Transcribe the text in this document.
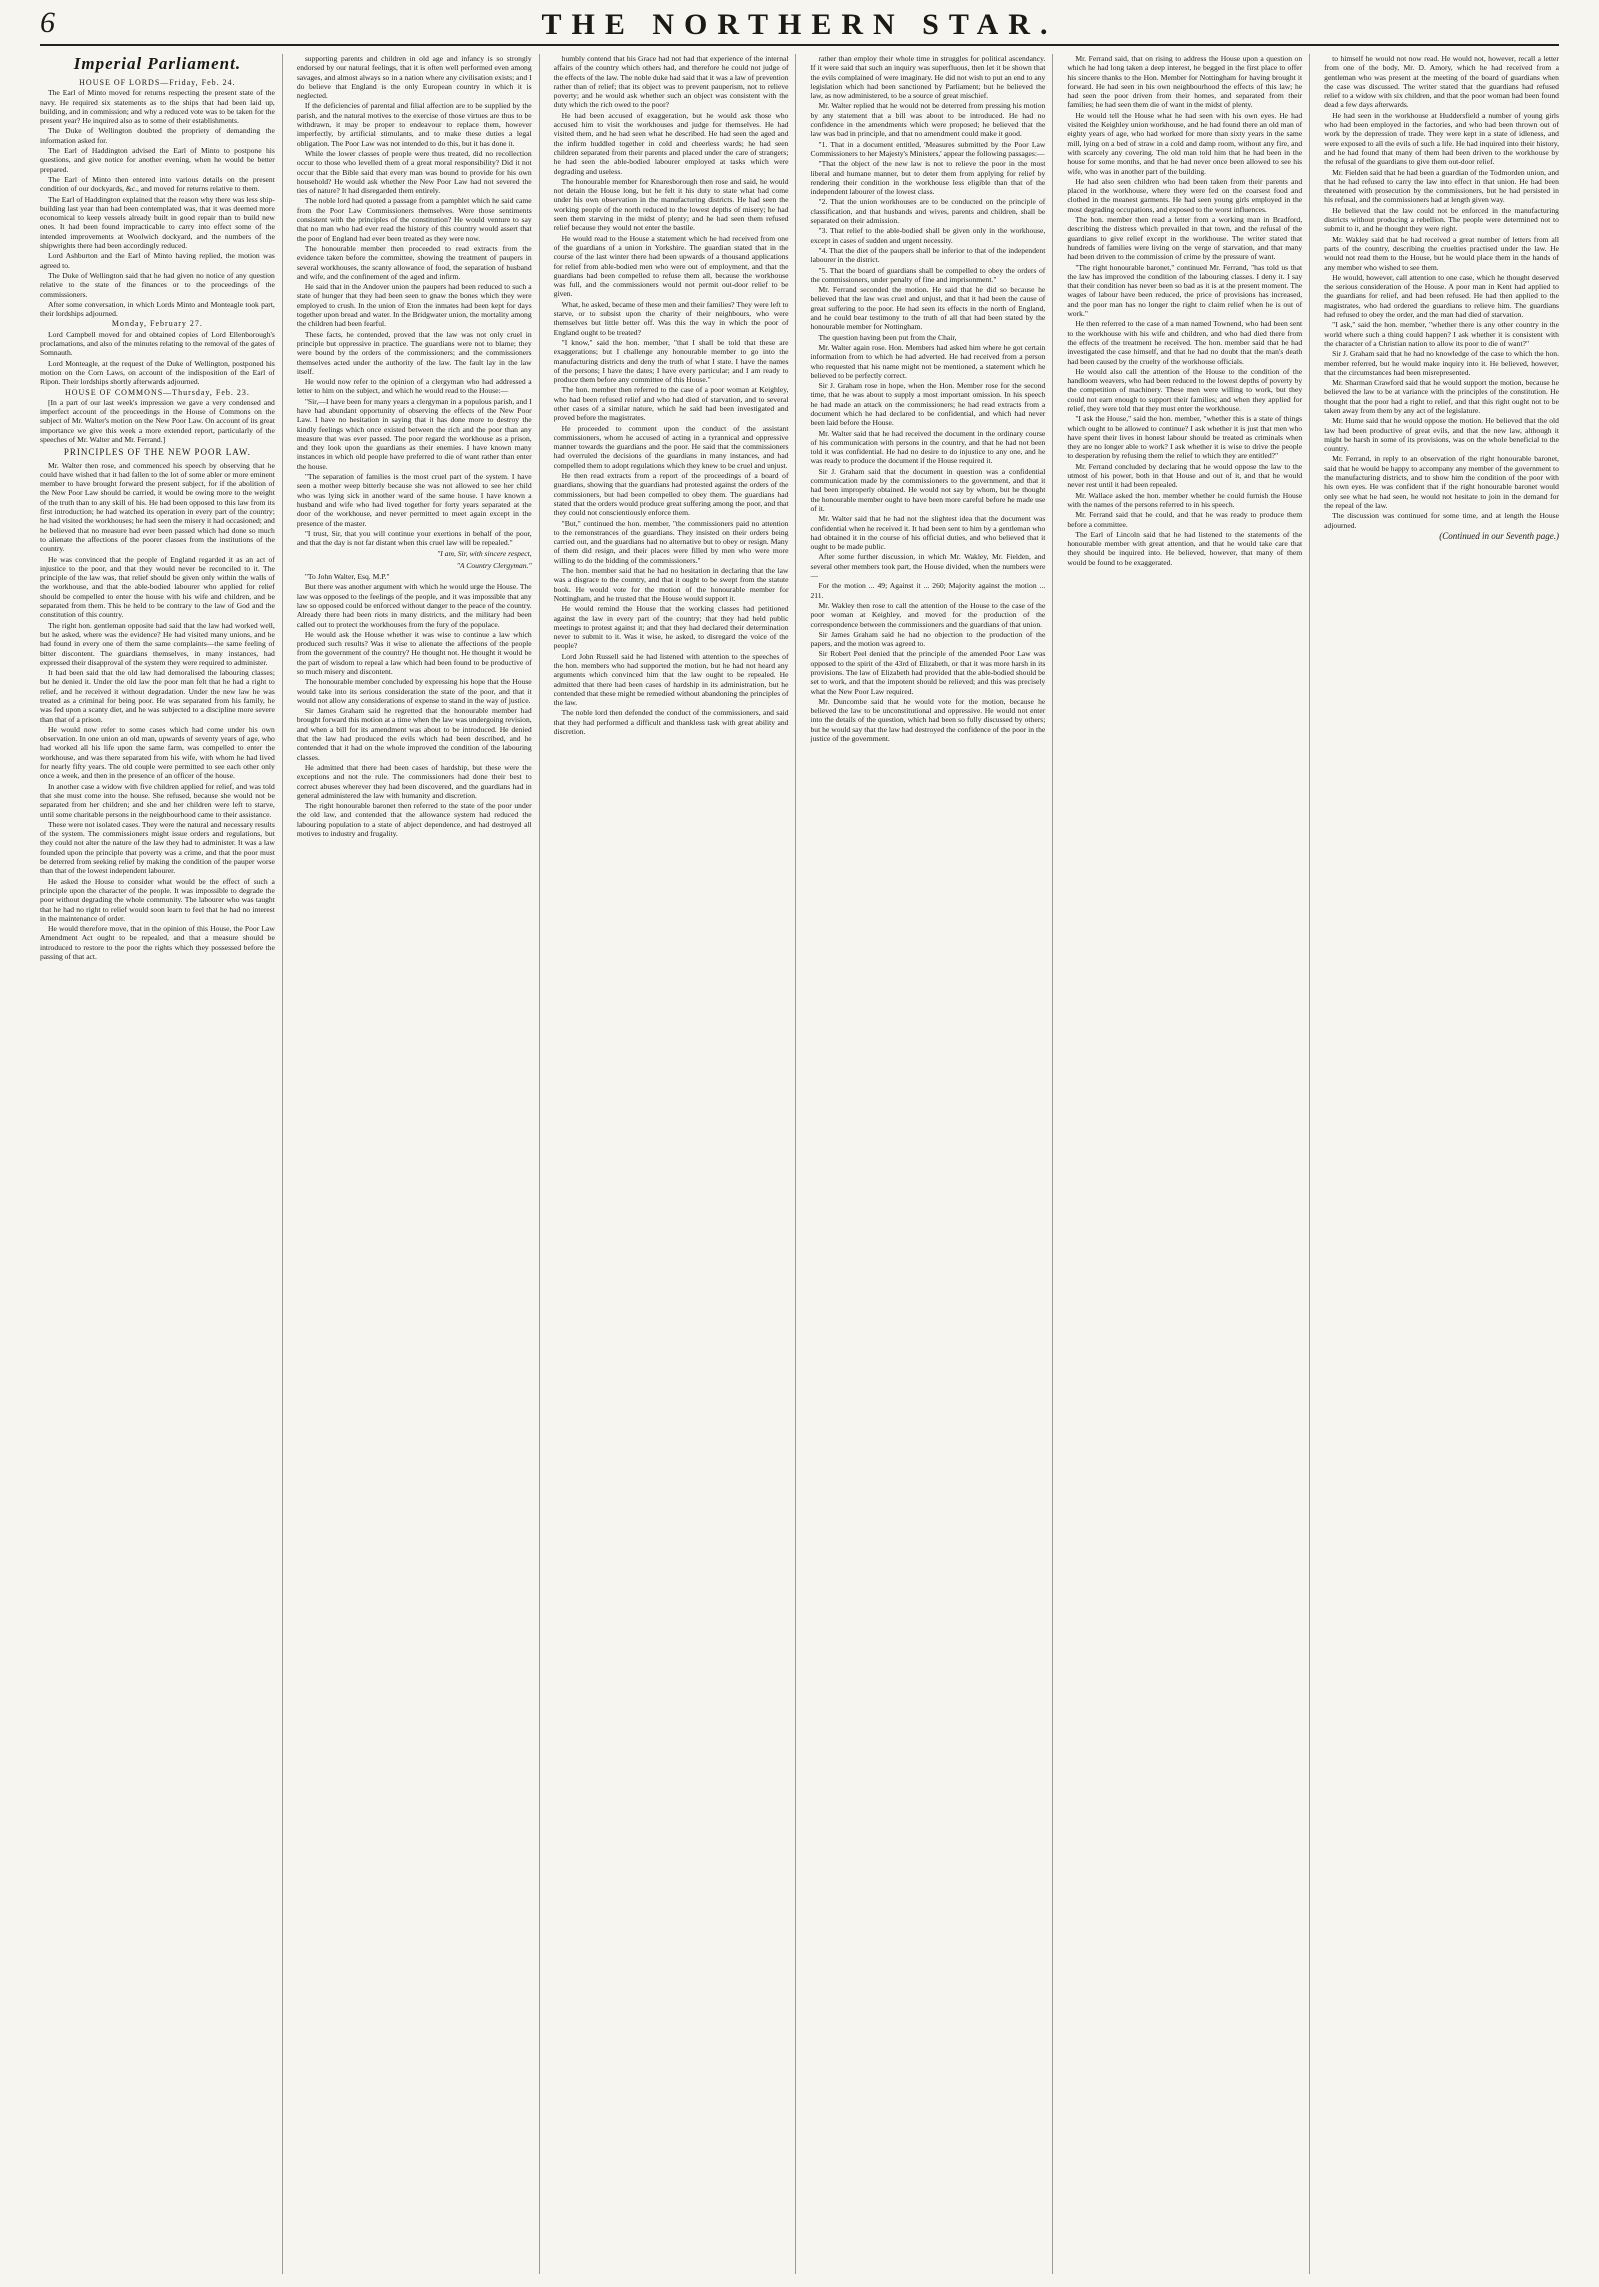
6	THE NORTHERN STAR.
Imperial Parliament.

HOUSE OF LORDS—Friday, Feb. 24.

The Earl of Minto moved for returns respecting the present state of the navy. He required six statements as to the ships that had been laid up, building, and in commission; and why a reduced vote was to be taken for the present year? He inquired also as to some of their establishments.

The Duke of Wellington doubted the propriety of demanding the information asked for.

The Earl of Haddington advised the Earl of Minto to postpone his questions, and give notice for another evening, when he would be better prepared.

The Earl of Minto then entered into various details on the present condition of our dockyards, &c., and moved for returns relative to them.

The Earl of Haddington explained that the reason why there was less ship-building last year than had been contemplated was, that it was deemed more economical to keep vessels already built in good repair than to build new ones. It had been found impracticable to carry into effect some of the intended improvements at Woolwich dockyard, and the numbers of the shipwrights there had been accordingly reduced.

Lord Ashburton and the Earl of Minto having replied, the motion was agreed to.

The Duke of Wellington said that he had given no notice of any question relative to the state of the finances or to the proceedings of the commissioners.

After some conversation, in which Lords Minto and Monteagle took part, their lordships adjourned.

Monday, February 27.

Lord Campbell moved for and obtained copies of Lord Ellenborough's proclamations, and also of the minutes relating to the removal of the gates of Somnauth.

Lord Monteagle, at the request of the Duke of Wellington, postponed his motion on the Corn Laws, on account of the indisposition of the Earl of Ripon. Their lordships shortly afterwards adjourned.

HOUSE OF COMMONS—Thursday, Feb. 23.

[In a part of our last week's impression we gave a very condensed and imperfect account of the proceedings in the House of Commons on the subject of Mr. Walter's motion on the New Poor Law. On account of its great importance we give this week a more extended report, particularly of the speeches of Mr. Walter and Mr. Ferrand.]

PRINCIPLES OF THE NEW POOR LAW.

Mr. Walter then rose, and commenced his speech by observing that he could have wished that it had fallen to the lot of some abler or more eminent member to have brought forward the present subject, for if the abolition of the New Poor Law should be carried, it would be owing more to the weight of the truth than to any skill of his. He had been opposed to this law from its first introduction; he had watched its operation in every part of the country; he had visited the workhouses; he had seen the misery it had occasioned; and he believed that no measure had ever been passed which had done so much to alienate the affections of the poorer classes from the institutions of the country.

He was convinced that the people of England regarded it as an act of injustice to the poor, and that they would never be reconciled to it. The principle of the law was, that relief should be given only within the walls of the workhouse, and that the able-bodied labourer who applied for relief should be compelled to enter the house with his wife and children, and be separated from them. This he held to be contrary to the law of God and the constitution of this country.

The right hon. gentleman opposite had said that the law had worked well, but he asked, where was the evidence? He had visited many unions, and he had found in every one of them the same complaints—the same feeling of bitter discontent. The guardians themselves, in many instances, had expressed their disapproval of the system they were required to administer.

It had been said that the old law had demoralised the labouring classes; but he denied it. Under the old law the poor man felt that he had a right to relief, and he received it without degradation. Under the new law he was treated as a criminal for being poor. He was separated from his family, he was fed upon a scanty diet, and he was subjected to a discipline more severe than that of a prison.

He would now refer to some cases which had come under his own observation. In one union an old man, upwards of seventy years of age, who had worked all his life upon the same farm, was compelled to enter the workhouse, and was there separated from his wife, with whom he had lived for nearly fifty years. The old couple were permitted to see each other only once a week, and then in the presence of an officer of the house.

In another case a widow with five children applied for relief, and was told that she must come into the house. She refused, because she would not be separated from her children; and she and her children were left to starve, until some charitable persons in the neighbourhood came to their assistance.

These were not isolated cases. They were the natural and necessary results of the system. The commissioners might issue orders and regulations, but they could not alter the nature of the law they had to administer. It was a law founded upon the principle that poverty was a crime, and that the poor must be deterred from seeking relief by making the condition of the pauper worse than that of the lowest independent labourer.

He asked the House to consider what would be the effect of such a principle upon the character of the people. It was impossible to degrade the poor without degrading the whole community. The labourer who was taught that he had no right to relief would soon learn to feel that he had no interest in the maintenance of order.

He would therefore move, that in the opinion of this House, the Poor Law Amendment Act ought to be repealed, and that a measure should be introduced to restore to the poor the rights which they possessed before the passing of that act.

supporting parents and children in old age and infancy is so strongly endorsed by our natural feelings, that it is often well performed even among savages, and almost always so in a nation where any civilisation exists; and I do believe that England is the only European country in which it is neglected.

If the deficiencies of parental and filial affection are to be supplied by the parish, and the natural motives to the exercise of those virtues are thus to be withdrawn, it may be proper to endeavour to replace them, however imperfectly, by artificial stimulants, and to make these duties a legal obligation. The Poor Law was not intended to do this, but it has done it.

While the lower classes of people were thus treated, did no recollection occur to those who levelled them of a great moral responsibility? Did it not occur that the Bible said that every man was bound to provide for his own household? He would ask whether the New Poor Law had not severed the ties of nature? It had disregarded them entirely.

The noble lord had quoted a passage from a pamphlet which he said came from the Poor Law Commissioners themselves. Were those sentiments consistent with the principles of the constitution? He would venture to say that no man who had ever read the history of this country would assert that the poor of England had ever been treated as they were now.

The honourable member then proceeded to read extracts from the evidence taken before the committee, showing the treatment of paupers in several workhouses, the scanty allowance of food, the separation of husband and wife, and the confinement of the aged and infirm.

He said that in the Andover union the paupers had been reduced to such a state of hunger that they had been seen to gnaw the bones which they were employed to crush. In the union of Eton the inmates had been kept for days together upon bread and water. In the Bridgwater union, the mortality among the children had been fearful.

These facts, he contended, proved that the law was not only cruel in principle but oppressive in practice. The guardians were not to blame; they were bound by the orders of the commissioners; and the commissioners themselves acted under the authority of the law. The fault lay in the law itself.

He would now refer to the opinion of a clergyman who had addressed a letter to him on the subject, and which he would read to the House:—

"Sir,—I have been for many years a clergyman in a populous parish, and I have had abundant opportunity of observing the effects of the New Poor Law. I have no hesitation in saying that it has done more to destroy the kindly feelings which once existed between the rich and the poor than any measure that was ever passed. The poor regard the workhouse as a prison, and they look upon the guardians as their enemies. I have known many instances in which old people have preferred to die of want rather than enter the house.

"The separation of families is the most cruel part of the system. I have seen a mother weep bitterly because she was not allowed to see her child who was lying sick in another ward of the same house. I have known a husband and wife who had lived together for forty years separated at the door of the workhouse, and never permitted to meet again except in the presence of the master.

"I trust, Sir, that you will continue your exertions in behalf of the poor, and that the day is not far distant when this cruel law will be repealed."

"I am, Sir, with sincere respect,
"A Country Clergyman."

"To John Walter, Esq. M.P."

But there was another argument with which he would urge the House. The law was opposed to the feelings of the people, and it was impossible that any law so opposed could be enforced without danger to the peace of the country. Already there had been riots in many districts, and the military had been called out to protect the workhouses from the fury of the populace.

He would ask the House whether it was wise to continue a law which produced such results? Was it wise to alienate the affections of the people from the government of the country? He thought not. He thought it would be the part of wisdom to repeal a law which had been found to be productive of so much misery and discontent.

The honourable member concluded by expressing his hope that the House would take into its serious consideration the state of the poor, and that it would not allow any considerations of expense to stand in the way of justice.

Sir James Graham said he regretted that the honourable member had brought forward this motion at a time when the law was undergoing revision, and when a bill for its amendment was about to be introduced. He denied that the law had produced the evils which had been described, and he contended that it had on the whole improved the condition of the labouring classes.

He admitted that there had been cases of hardship, but these were the exceptions and not the rule. The commissioners had done their best to correct abuses wherever they had been discovered, and the guardians had in general administered the law with humanity and discretion.

The right honourable baronet then referred to the state of the poor under the old law, and contended that the allowance system had reduced the labouring population to a state of abject dependence, and had destroyed all motives to industry and frugality.

humbly contend that his Grace had not had that experience of the internal affairs of the country which others had, and therefore he could not judge of the effects of the law. The noble duke had said that it was a law of prevention rather than of relief; that its object was to prevent pauperism, not to relieve poverty; and he would ask whether such an object was consistent with the duty which the rich owed to the poor?

He had been accused of exaggeration, but he would ask those who accused him to visit the workhouses and judge for themselves. He had visited them, and he had seen what he described. He had seen the aged and the infirm huddled together in cold and cheerless wards; he had seen children separated from their parents and placed under the care of strangers; he had seen the able-bodied labourer employed at tasks which were degrading and useless.

The honourable member for Knaresborough then rose and said, he would not detain the House long, but he felt it his duty to state what had come under his own observation in the manufacturing districts. He had seen the working people of the north reduced to the lowest depths of misery; he had seen them starving in the midst of plenty; and he had seen them refused relief because they would not enter the bastile.

He would read to the House a statement which he had received from one of the guardians of a union in Yorkshire. The guardian stated that in the course of the last winter there had been upwards of a thousand applications for relief from able-bodied men who were out of employment, and that the guardians had been compelled to refuse them all, because the workhouse was full, and the commissioners would not permit out-door relief to be given.

What, he asked, became of these men and their families? They were left to starve, or to subsist upon the charity of their neighbours, who were themselves but little better off. Was this the way in which the poor of England ought to be treated?

"I know," said the hon. member, "that I shall be told that these are exaggerations; but I challenge any honourable member to go into the manufacturing districts and deny the truth of what I state. I have the names of the persons; I have the dates; I have every particular; and I am ready to produce them before any committee of this House."

The hon. member then referred to the case of a poor woman at Keighley, who had been refused relief and who had died of starvation, and to several other cases of a similar nature, which he said had been investigated and proved before the magistrates.

He proceeded to comment upon the conduct of the assistant commissioners, whom he accused of acting in a tyrannical and oppressive manner towards the guardians and the poor. He said that the commissioners had overruled the decisions of the guardians in many instances, and had compelled them to adopt regulations which they knew to be cruel and unjust.

He then read extracts from a report of the proceedings of a board of guardians, showing that the guardians had protested against the orders of the commissioners, but had been compelled to obey them. The guardians had stated that the orders would produce great suffering among the poor, and that they could not conscientiously enforce them.

"But," continued the hon. member, "the commissioners paid no attention to the remonstrances of the guardians. They insisted on their orders being carried out, and the guardians had no alternative but to obey or resign. Many of them did resign, and their places were filled by men who were more willing to do the bidding of the commissioners."

The hon. member said that he had no hesitation in declaring that the law was a disgrace to the country, and that it ought to be swept from the statute book. He would vote for the motion of the honourable member for Nottingham, and he trusted that the House would support it.

He would remind the House that the working classes had petitioned against the law in every part of the country; that they had held public meetings to protest against it; and that they had declared their determination never to submit to it. Was it wise, he asked, to disregard the voice of the people?

Lord John Russell said he had listened with attention to the speeches of the hon. members who had supported the motion, but he had not heard any arguments which convinced him that the law ought to be repealed. He admitted that there had been cases of hardship in its administration, but he contended that these might be remedied without abandoning the principles of the law.

The noble lord then defended the conduct of the commissioners, and said that they had performed a difficult and thankless task with great ability and discretion.

rather than employ their whole time in struggles for political ascendancy. If it were said that such an inquiry was superfluous, then let it be shown that the evils complained of were imaginary. He did not wish to put an end to any legislation which had been sanctioned by Parliament; but he believed the law, as now administered, to be a source of great mischief.

Mr. Walter replied that he would not be deterred from pressing his motion by any statement that a bill was about to be introduced. He had no confidence in the amendments which were proposed; he believed that the law was bad in principle, and that no amendment could make it good.

"1. That in a document entitled, 'Measures submitted by the Poor Law Commissioners to her Majesty's Ministers,' appear the following passages:—

"That the object of the new law is not to relieve the poor in the most liberal and humane manner, but to deter them from applying for relief by rendering their condition in the workhouse less eligible than that of the independent labourer of the lowest class.

"2. That the union workhouses are to be conducted on the principle of classification, and that husbands and wives, parents and children, shall be separated on their admission.

"3. That relief to the able-bodied shall be given only in the workhouse, except in cases of sudden and urgent necessity.

"4. That the diet of the paupers shall be inferior to that of the independent labourer in the district.

"5. That the board of guardians shall be compelled to obey the orders of the commissioners, under penalty of fine and imprisonment."

Mr. Ferrand seconded the motion. He said that he did so because he believed that the law was cruel and unjust, and that it had been the cause of great suffering to the poor. He had seen its effects in the north of England, and he could bear testimony to the truth of all that had been stated by the honourable member for Nottingham.

The question having been put from the Chair,

Mr. Walter again rose. Hon. Members had asked him where he got certain information from to which he had adverted. He had received from a person who requested that his name might not be mentioned, a statement which he believed to be perfectly correct.

Sir J. Graham rose in hope, when the Hon. Member rose for the second time, that he was about to supply a most important omission. In his speech he had made an attack on the commissioners; he had read extracts from a document which he had declared to be confidential, and which had never been laid before the House.

Mr. Walter said that he had received the document in the ordinary course of his communication with persons in the country, and that he had not been told it was confidential. He had no desire to do injustice to any one, and he was ready to produce the document if the House required it.

Sir J. Graham said that the document in question was a confidential communication made by the commissioners to the government, and that it had been improperly obtained. He would not say by whom, but he thought the honourable member ought to have been more careful before he made use of it.

Mr. Walter said that he had not the slightest idea that the document was confidential when he received it. It had been sent to him by a gentleman who had obtained it in the course of his official duties, and who believed that it ought to be made public.

After some further discussion, in which Mr. Wakley, Mr. Fielden, and several other members took part, the House divided, when the numbers were—

For the motion ... 49; Against it ... 260; Majority against the motion ... 211.

Mr. Wakley then rose to call the attention of the House to the case of the poor woman at Keighley, and moved for the production of the correspondence between the commissioners and the guardians of that union.

Sir James Graham said he had no objection to the production of the papers, and the motion was agreed to.

Sir Robert Peel denied that the principle of the amended Poor Law was opposed to the spirit of the 43rd of Elizabeth, or that it was more harsh in its provisions. The law of Elizabeth had provided that the able-bodied should be set to work, and that the impotent should be relieved; and this was precisely what the New Poor Law required.

Mr. Duncombe said that he would vote for the motion, because he believed the law to be unconstitutional and oppressive. He would not enter into the details of the question, which had been so fully discussed by others; but he would say that the law had destroyed the confidence of the poor in the justice of the government.

Mr. Ferrand said, that on rising to address the House upon a question on which he had long taken a deep interest, he begged in the first place to offer his sincere thanks to the Hon. Member for Nottingham for having brought it forward. He had seen in his own neighbourhood the effects of this law; he had seen the poor driven from their homes, and separated from their families; he had seen them die of want in the midst of plenty.

He would tell the House what he had seen with his own eyes. He had visited the Keighley union workhouse, and he had found there an old man of eighty years of age, who had worked for more than sixty years in the same mill, lying on a bed of straw in a cold and damp room, without any fire, and with scarcely any covering. The old man told him that he had been in the house for some months, and that he had never once been allowed to see his wife, who was in another part of the building.

He had also seen children who had been taken from their parents and placed in the workhouse, where they were fed on the coarsest food and clothed in the meanest garments. He had seen young girls employed in the most degrading occupations, and exposed to the worst influences.

The hon. member then read a letter from a working man in Bradford, describing the distress which prevailed in that town, and the refusal of the guardians to give relief except in the workhouse. The writer stated that hundreds of families were living on the verge of starvation, and that many had been driven to the commission of crime by the pressure of want.

"The right honourable baronet," continued Mr. Ferrand, "has told us that the law has improved the condition of the labouring classes. I deny it. I say that their condition has never been so bad as it is at the present moment. The wages of labour have been reduced, the price of provisions has increased, and the poor man has no longer the right to claim relief when he is out of work."

He then referred to the case of a man named Townend, who had been sent to the workhouse with his wife and children, and who had died there from the effects of the treatment he received. The hon. member said that he had investigated the case himself, and that he had no doubt that the man's death had been caused by the cruelty of the workhouse officials.

He would also call the attention of the House to the condition of the handloom weavers, who had been reduced to the lowest depths of poverty by the competition of machinery. These men were willing to work, but they could not earn enough to support their families; and when they applied for relief, they were told that they must enter the workhouse.

"I ask the House," said the hon. member, "whether this is a state of things which ought to be allowed to continue? I ask whether it is just that men who have spent their lives in honest labour should be treated as criminals when they are no longer able to work? I ask whether it is wise to drive the people to desperation by refusing them the relief to which they are entitled?"

Mr. Ferrand concluded by declaring that he would oppose the law to the utmost of his power, both in that House and out of it, and that he would never rest until it had been repealed.

Mr. Wallace asked the hon. member whether he could furnish the House with the names of the persons referred to in his speech.

Mr. Ferrand said that he could, and that he was ready to produce them before a committee.

The Earl of Lincoln said that he had listened to the statements of the honourable member with great attention, and that he would take care that they should be inquired into. He believed, however, that many of them would be found to be exaggerated.

to himself he would not now read. He would not, however, recall a letter from one of the body, Mr. D. Amory, which he had received from a gentleman who was present at the meeting of the board of guardians when the case was discussed. The writer stated that the guardians had refused relief to a widow with six children, and that the poor woman had been found dead a few days afterwards.

He had seen in the workhouse at Huddersfield a number of young girls who had been employed in the factories, and who had been thrown out of work by the depression of trade. They were kept in a state of idleness, and were exposed to all the evils of such a life. He had inquired into their history, and he had found that many of them had been driven to the workhouse by the refusal of the guardians to give them out-door relief.

Mr. Fielden said that he had been a guardian of the Todmorden union, and that he had refused to carry the law into effect in that union. He had been threatened with prosecution by the commissioners, but he had persisted in his refusal, and the commissioners had at length given way.

He believed that the law could not be enforced in the manufacturing districts without producing a rebellion. The people were determined not to submit to it, and he thought they were right.

Mr. Wakley said that he had received a great number of letters from all parts of the country, describing the cruelties practised under the law. He would not read them to the House, but he would place them in the hands of any member who wished to see them.

He would, however, call attention to one case, which he thought deserved the serious consideration of the House. A poor man in Kent had applied to the guardians for relief, and had been refused. He had then applied to the magistrates, who had ordered the guardians to relieve him. The guardians had refused to obey the order, and the man had died of starvation.

"I ask," said the hon. member, "whether there is any other country in the world where such a thing could happen? I ask whether it is consistent with the character of a Christian nation to allow its poor to die of want?"

Sir J. Graham said that he had no knowledge of the case to which the hon. member referred, but he would make inquiry into it. He believed, however, that the circumstances had been misrepresented.

Mr. Sharman Crawford said that he would support the motion, because he believed the law to be at variance with the principles of the constitution. He thought that the poor had a right to relief, and that this right ought not to be taken away from them by any act of the legislature.

Mr. Hume said that he would oppose the motion. He believed that the old law had been productive of great evils, and that the new law, although it might be harsh in some of its provisions, was on the whole beneficial to the country.

Mr. Ferrand, in reply to an observation of the right honourable baronet, said that he would be happy to accompany any member of the government to the manufacturing districts, and to show him the condition of the poor with his own eyes. He was confident that if the right honourable baronet would only see what he had seen, he would not hesitate to join in the demand for the repeal of the law.

The discussion was continued for some time, and at length the House adjourned.

(Continued in our Seventh page.)
